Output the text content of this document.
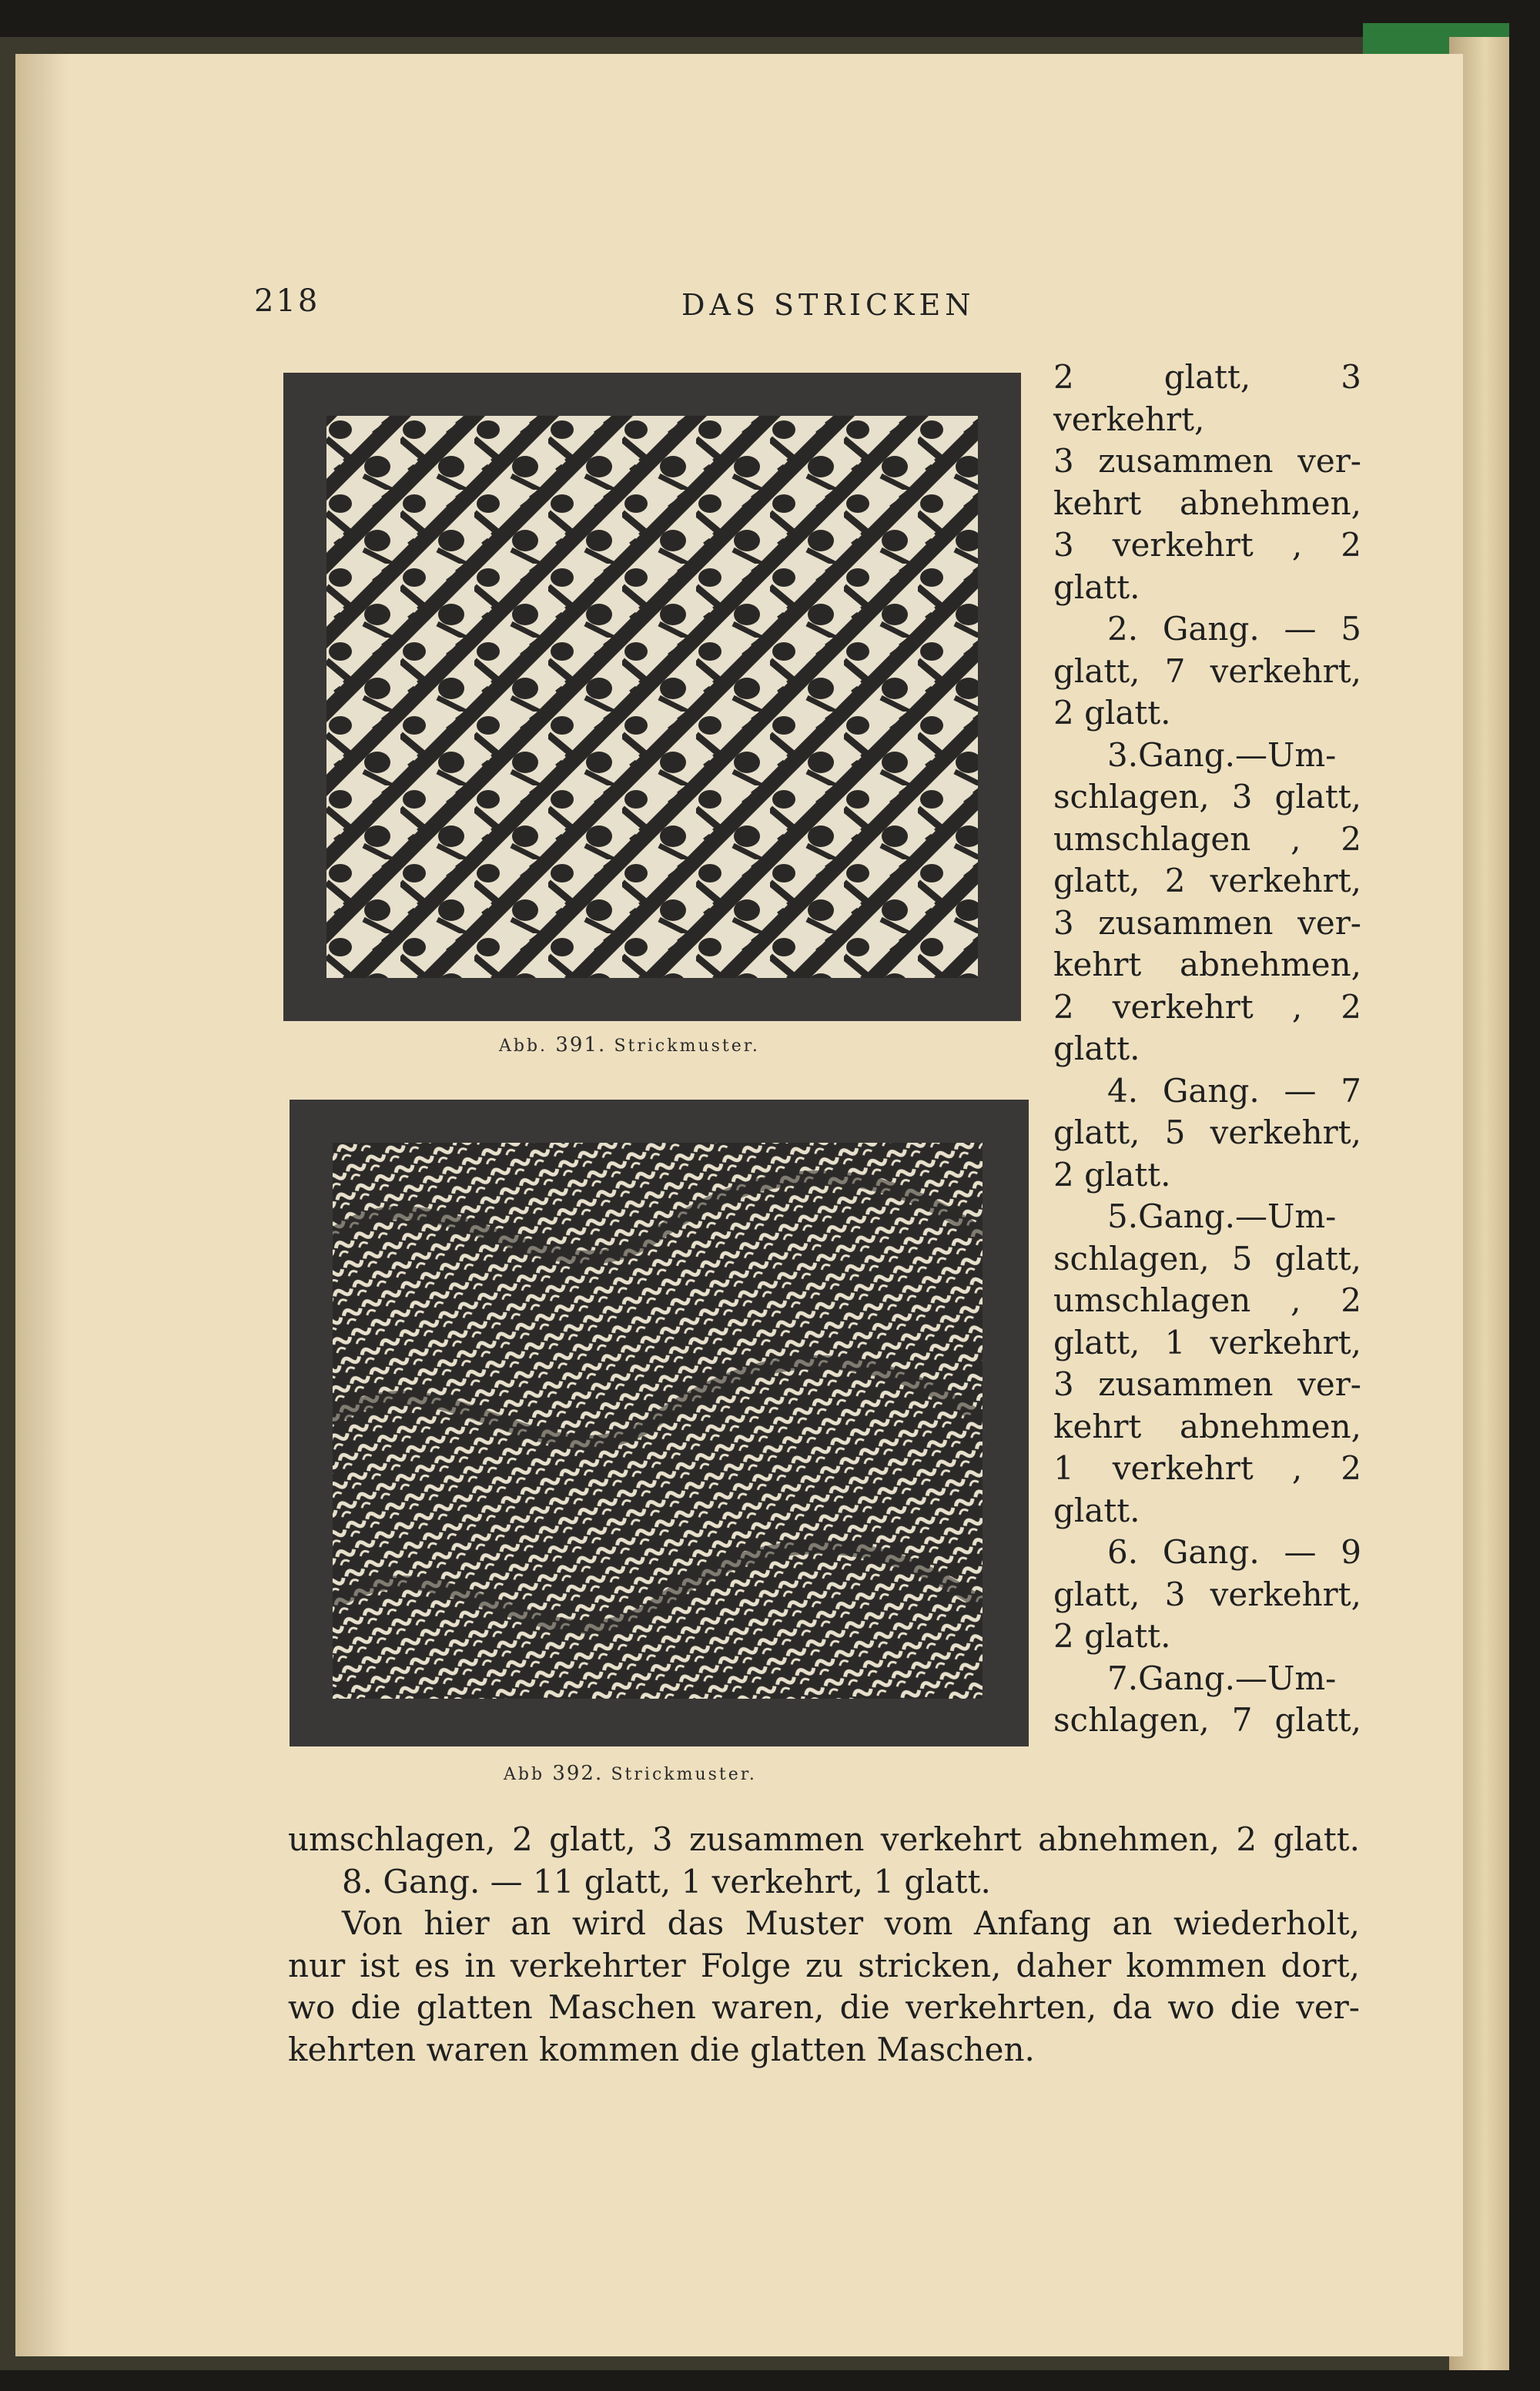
218	DAS STRICKEN
Abb. 391. Strickmuster.
Abb 392. Strickmuster.

2 glatt, 3 verkehrt,

3 zusammen ver-

kehrt abnehmen,

3 verkehrt , 2

glatt.

2. Gang. — 5

glatt, 7 verkehrt,

2 glatt.

3.Gang.—Um-

schlagen, 3 glatt,

umschlagen , 2

glatt, 2 verkehrt,

3 zusammen ver-

kehrt abnehmen,

2 verkehrt , 2

glatt.

4. Gang. — 7

glatt, 5 verkehrt,

2 glatt.

5.Gang.—Um-

schlagen, 5 glatt,

umschlagen , 2

glatt, 1 verkehrt,

3 zusammen ver-

kehrt abnehmen,

1 verkehrt , 2

glatt.

6. Gang. — 9

glatt, 3 verkehrt,

2 glatt.

7.Gang.—Um-

schlagen, 7 glatt,

umschlagen, 2 glatt, 3 zusammen verkehrt abnehmen, 2 glatt.

8. Gang. — 11 glatt, 1 verkehrt, 1 glatt.

Von hier an wird das Muster vom Anfang an wiederholt,

nur ist es in verkehrter Folge zu stricken, daher kommen dort,

wo die glatten Maschen waren, die verkehrten, da wo die ver-

kehrten waren kommen die glatten Maschen.
